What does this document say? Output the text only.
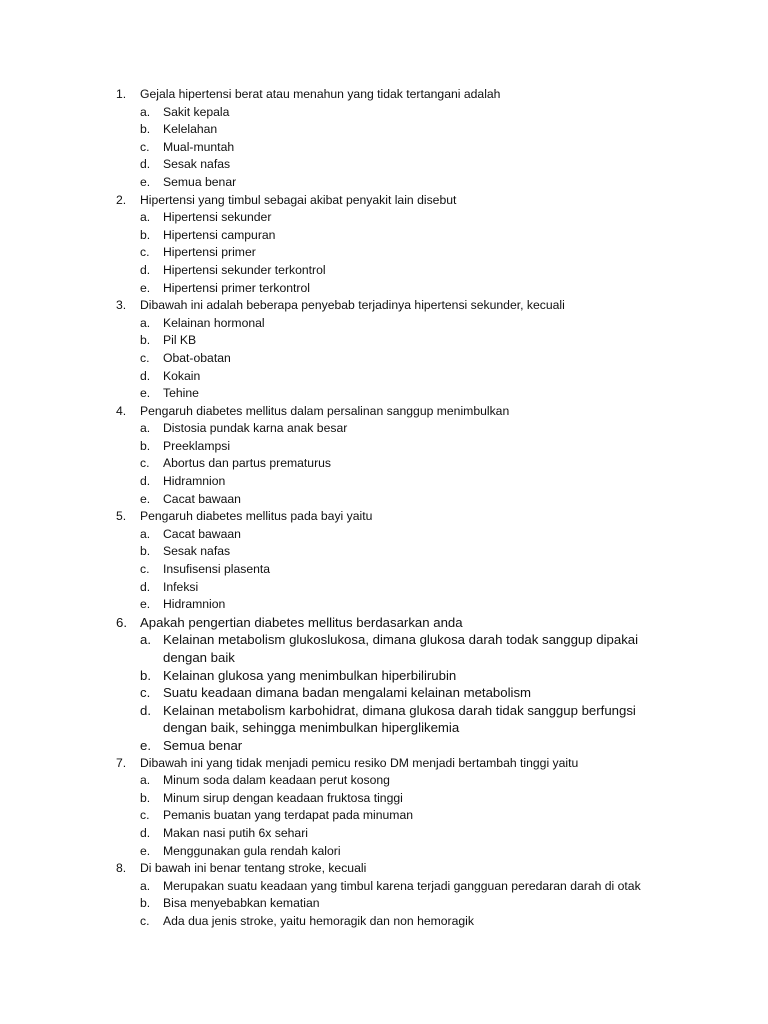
1. Gejala hipertensi berat atau menahun yang tidak tertangani adalah
a. Sakit kepala
b. Kelelahan
c. Mual-muntah
d. Sesak nafas
e. Semua benar
2. Hipertensi yang timbul sebagai akibat penyakit lain disebut
a. Hipertensi sekunder
b. Hipertensi campuran
c. Hipertensi primer
d. Hipertensi sekunder terkontrol
e. Hipertensi primer terkontrol
3. Dibawah ini adalah beberapa penyebab terjadinya hipertensi sekunder, kecuali
a. Kelainan hormonal
b. Pil KB
c. Obat-obatan
d. Kokain
e. Tehine
4. Pengaruh diabetes mellitus dalam persalinan sanggup menimbulkan
a. Distosia pundak karna anak besar
b. Preeklampsi
c. Abortus dan partus prematurus
d. Hidramnion
e. Cacat bawaan
5. Pengaruh diabetes mellitus pada bayi yaitu
a. Cacat bawaan
b. Sesak nafas
c. Insufisensi plasenta
d. Infeksi
e. Hidramnion
6. Apakah pengertian diabetes mellitus berdasarkan anda
a. Kelainan metabolism glukoslukosa, dimana glukosa darah todak sanggup dipakai dengan baik
b. Kelainan glukosa yang menimbulkan hiperbilirubin
c. Suatu keadaan dimana badan mengalami kelainan metabolism
d. Kelainan metabolism karbohidrat, dimana glukosa darah tidak sanggup berfungsi dengan baik, sehingga menimbulkan hiperglikemia
e. Semua benar
7. Dibawah ini yang tidak menjadi pemicu resiko DM menjadi bertambah tinggi yaitu
a. Minum soda dalam keadaan perut kosong
b. Minum sirup dengan keadaan fruktosa tinggi
c. Pemanis buatan yang terdapat pada minuman
d. Makan nasi putih 6x sehari
e. Menggunakan gula rendah kalori
8. Di bawah ini benar tentang stroke, kecuali
a. Merupakan suatu keadaan yang timbul karena terjadi gangguan peredaran darah di otak
b. Bisa menyebabkan kematian
c. Ada dua jenis stroke, yaitu hemoragik dan non hemoragik
